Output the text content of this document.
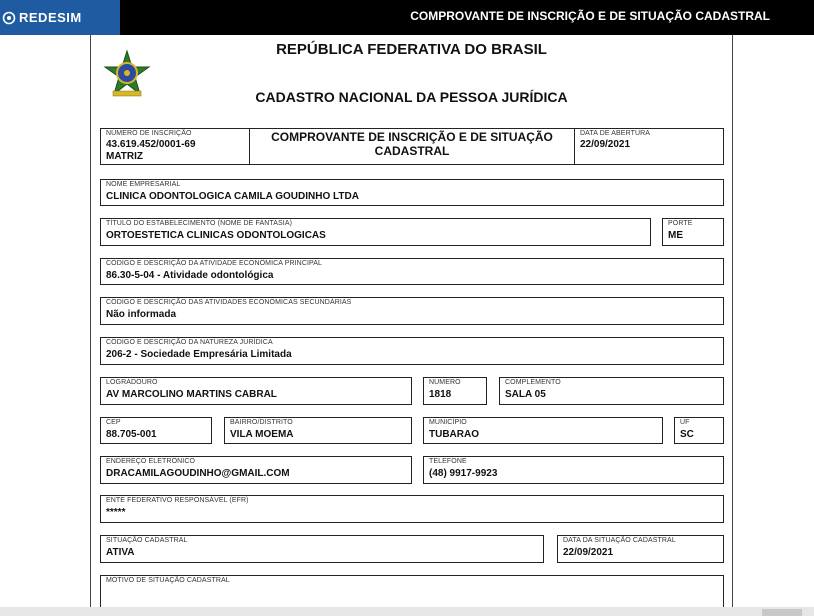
REDESIM	COMPROVANTE DE INSCRIÇÃO E DE SITUAÇÃO CADASTRAL
REPÚBLICA FEDERATIVA DO BRASIL
CADASTRO NACIONAL DA PESSOA JURÍDICA
NÚMERO DE INSCRIÇÃO
43.619.452/0001-69
MATRIZ
COMPROVANTE DE INSCRIÇÃO E DE SITUAÇÃO CADASTRAL
DATA DE ABERTURA
22/09/2021
NOME EMPRESARIAL
CLINICA ODONTOLOGICA CAMILA GOUDINHO LTDA
TÍTULO DO ESTABELECIMENTO (NOME DE FANTASIA)
ORTOESTETICA CLINICAS ODONTOLOGICAS
PORTE
ME
CÓDIGO E DESCRIÇÃO DA ATIVIDADE ECONÔMICA PRINCIPAL
86.30-5-04 - Atividade odontológica
CÓDIGO E DESCRIÇÃO DAS ATIVIDADES ECONÔMICAS SECUNDÁRIAS
Não informada
CÓDIGO E DESCRIÇÃO DA NATUREZA JURÍDICA
206-2 - Sociedade Empresária Limitada
LOGRADOURO
AV MARCOLINO MARTINS CABRAL
NÚMERO
1818
COMPLEMENTO
SALA 05
CEP
88.705-001
BAIRRO/DISTRITO
VILA MOEMA
MUNICÍPIO
TUBARAO
UF
SC
ENDEREÇO ELETRÔNICO
DRACAMILAGOUDINHO@GMAIL.COM
TELEFONE
(48) 9917-9923
ENTE FEDERATIVO RESPONSÁVEL (EFR)
*****
SITUAÇÃO CADASTRAL
ATIVA
DATA DA SITUAÇÃO CADASTRAL
22/09/2021
MOTIVO DE SITUAÇÃO CADASTRAL
